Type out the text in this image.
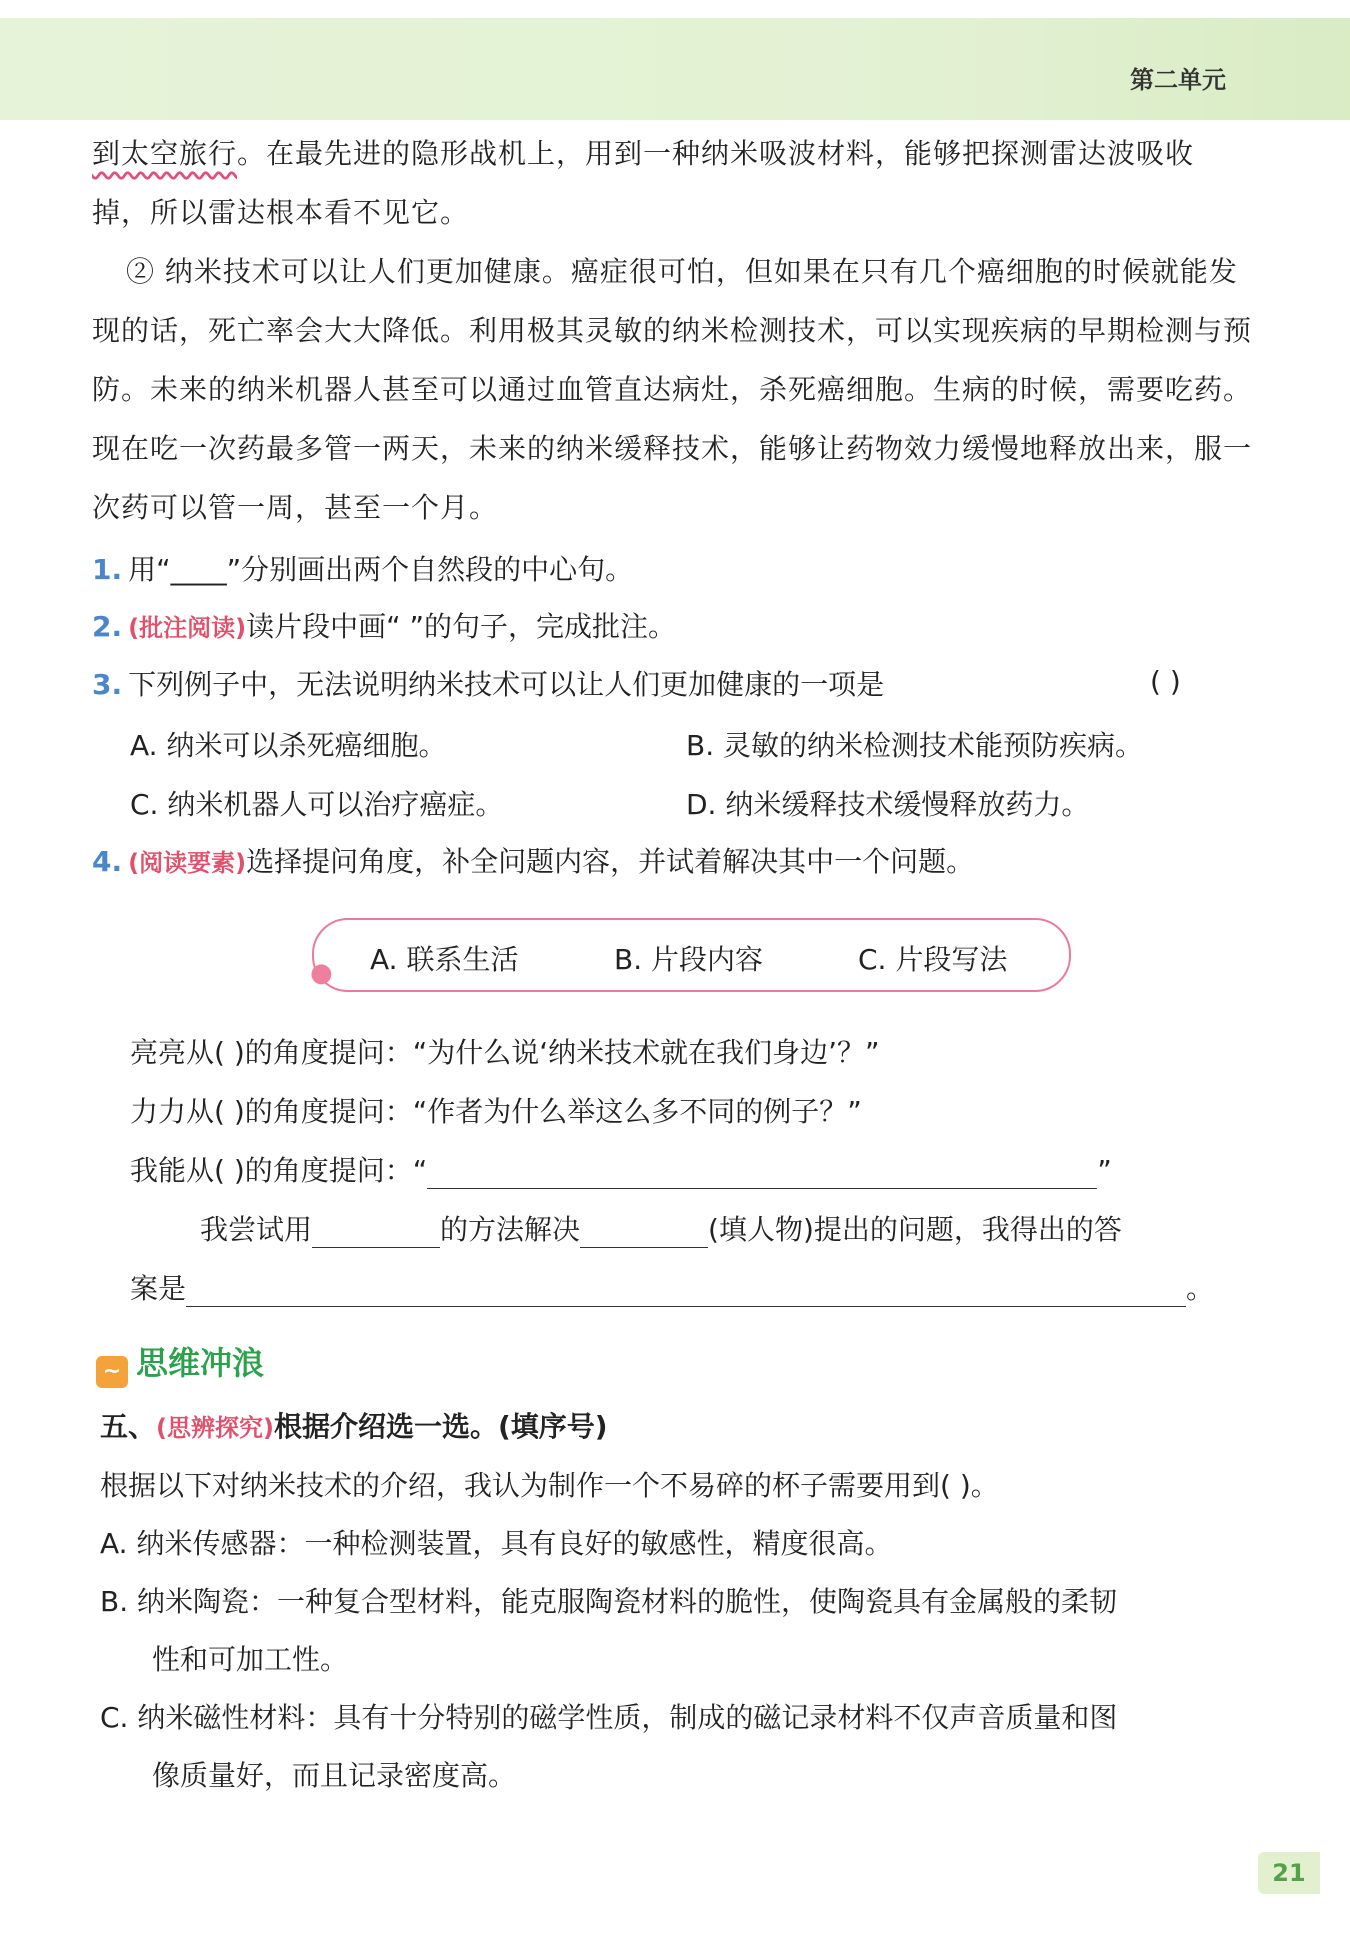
第二单元
到太空旅行。在最先进的隐形战机上，用到一种纳米吸波材料，能够把探测雷达波吸收掉，所以雷达根本看不见它。
② 纳米技术可以让人们更加健康。癌症很可怕，但如果在只有几个癌细胞的时候就能发现的话，死亡率会大大降低。利用极其灵敏的纳米检测技术，可以实现疾病的早期检测与预防。未来的纳米机器人甚至可以通过血管直达病灶，杀死癌细胞。生病的时候，需要吃药。现在吃一次药最多管一两天，未来的纳米缓释技术，能够让药物效力缓慢地释放出来，服一次药可以管一周，甚至一个月。
1. 用“____”分别画出两个自然段的中心句。
2. (批注阅读)读片段中画“ ”的句子，完成批注。
3. 下列例子中，无法说明纳米技术可以让人们更加健康的一项是	( )
A. 纳米可以杀死癌细胞。	B. 灵敏的纳米检测技术能预防疾病。
C. 纳米机器人可以治疗癌症。	D. 纳米缓释技术缓慢释放药力。
4. (阅读要素)选择提问角度，补全问题内容，并试着解决其中一个问题。
A. 联系生活	B. 片段内容	C. 片段写法
●
亮亮从( )的角度提问：“为什么说‘纳米技术就在我们身边’？”
力力从( )的角度提问：“作者为什么举这么多不同的例子？”
我能从( )的角度提问：“	”
我尝试用	的方法解决	(填人物)提出的问题，我得出的答
案是	。
~ 思维冲浪
五、(思辨探究)根据介绍选一选。(填序号)
根据以下对纳米技术的介绍，我认为制作一个不易碎的杯子需要用到( )。
A. 纳米传感器：一种检测装置，具有良好的敏感性，精度很高。
B. 纳米陶瓷：一种复合型材料，能克服陶瓷材料的脆性，使陶瓷具有金属般的柔韧
性和可加工性。
C. 纳米磁性材料：具有十分特别的磁学性质，制成的磁记录材料不仅声音质量和图
像质量好，而且记录密度高。
21
